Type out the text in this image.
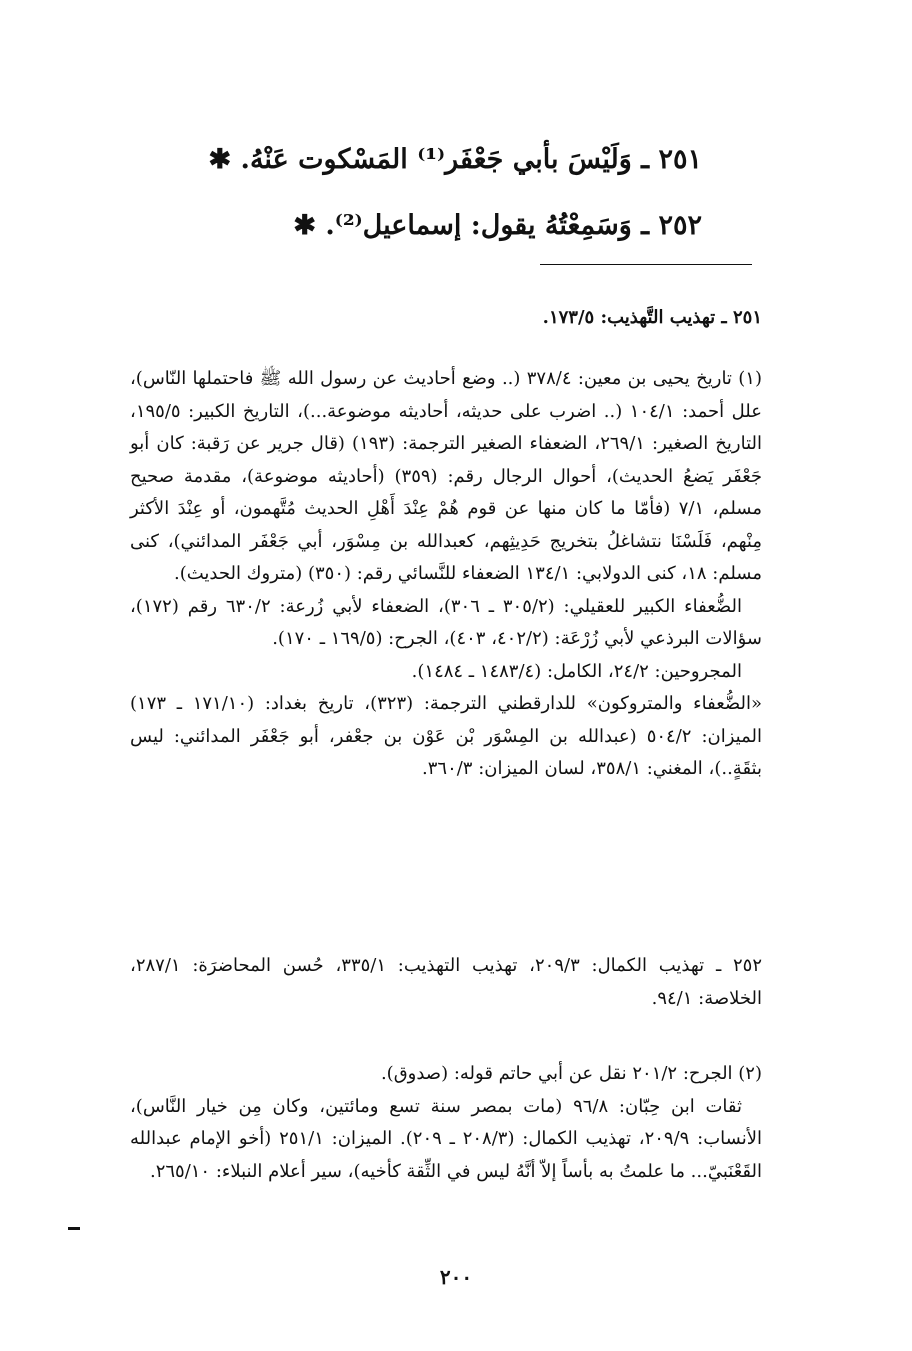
٢٥١ ـ وَلَيْسَ بأبي جَعْفَر⁽¹⁾ المَسْكوت عَنْهُ. ✱
٢٥٢ ـ وَسَمِعْتُهُ يقول: إسماعيل⁽²⁾. ✱

٢٥١ ـ تهذيب التَّهذيب: ١٧٣/٥.

(١) تاريخ يحيى بن معين: ٣٧٨/٤ (.. وضع أحاديث عن رسول الله ﷺ فاحتملها النّاس)، علل أحمد: ١٠٤/١ (.. اضرب على حديثه، أحاديثه موضوعة...)، التاريخ الكبير: ١٩٥/٥، التاريخ الصغير: ٢٦٩/١، الضعفاء الصغير الترجمة: (١٩٣) (قال جرير عن رَقبة: كان أبو جَعْفَر يَضعُ الحديث)، أحوال الرجال رقم: (٣٥٩) (أحاديثه موضوعة)، مقدمة صحيح مسلم، ٧/١ (فأمّا ما كان منها عن قوم هُمْ عِنْدَ أَهْلِ الحديث مُتَّهمون، أو عِنْدَ الأكثر مِنْهم، فَلَسْنَا نتشاغلُ بتخريج حَدِيثِهم، كعبدالله بن مِسْوَر، أبي جَعْفَر المدائني)، كنى مسلم: ١٨، كنى الدولابي: ١٣٤/١ الضعفاء للنَّسائي رقم: (٣٥٠) (متروك الحديث).

الضُّعفاء الكبير للعقيلي: (٣٠٥/٢ ـ ٣٠٦)، الضعفاء لأبي زُرعة: ٦٣٠/٢ رقم (١٧٢)، سؤالات البرذعي لأبي زُرْعَة: (٤٠٢/٢، ٤٠٣)، الجرح: (١٦٩/٥ ـ ١٧٠).

المجروحين: ٢٤/٢، الكامل: (١٤٨٣/٤ ـ ١٤٨٤).

«الضُّعفاء والمتروكون» للدارقطني الترجمة: (٣٢٣)، تاريخ بغداد: (١٧١/١٠ ـ ١٧٣) الميزان: ٥٠٤/٢ (عبدالله بن المِسْوَر بْن عَوْن بن جعْفر، أبو جَعْفَر المدائني: ليس بثقَةٍ..)، المغني: ٣٥٨/١، لسان الميزان: ٣٦٠/٣.

٢٥٢ ـ تهذيب الكمال: ٢٠٩/٣، تهذيب التهذيب: ٣٣٥/١، حُسن المحاضرَة: ٢٨٧/١، الخلاصة: ٩٤/١.

(٢) الجرح: ٢٠١/٢ نقل عن أبي حاتم قوله: (صدوق).

ثقات ابن حِبّان: ٩٦/٨ (مات بمصر سنة تسع ومائتين، وكان مِن خيار النَّاس)، الأنساب: ٢٠٩/٩، تهذيب الكمال: (٢٠٨/٣ ـ ٢٠٩). الميزان: ٢٥١/١ (أخو الإمام عبدالله القَعْنَبيّ... ما علمتُ به بأساً إلاّ أنَّهُ ليس في الثِّقة كأخيه)، سير أعلام النبلاء: ٢٦٥/١٠.

٢٠٠
